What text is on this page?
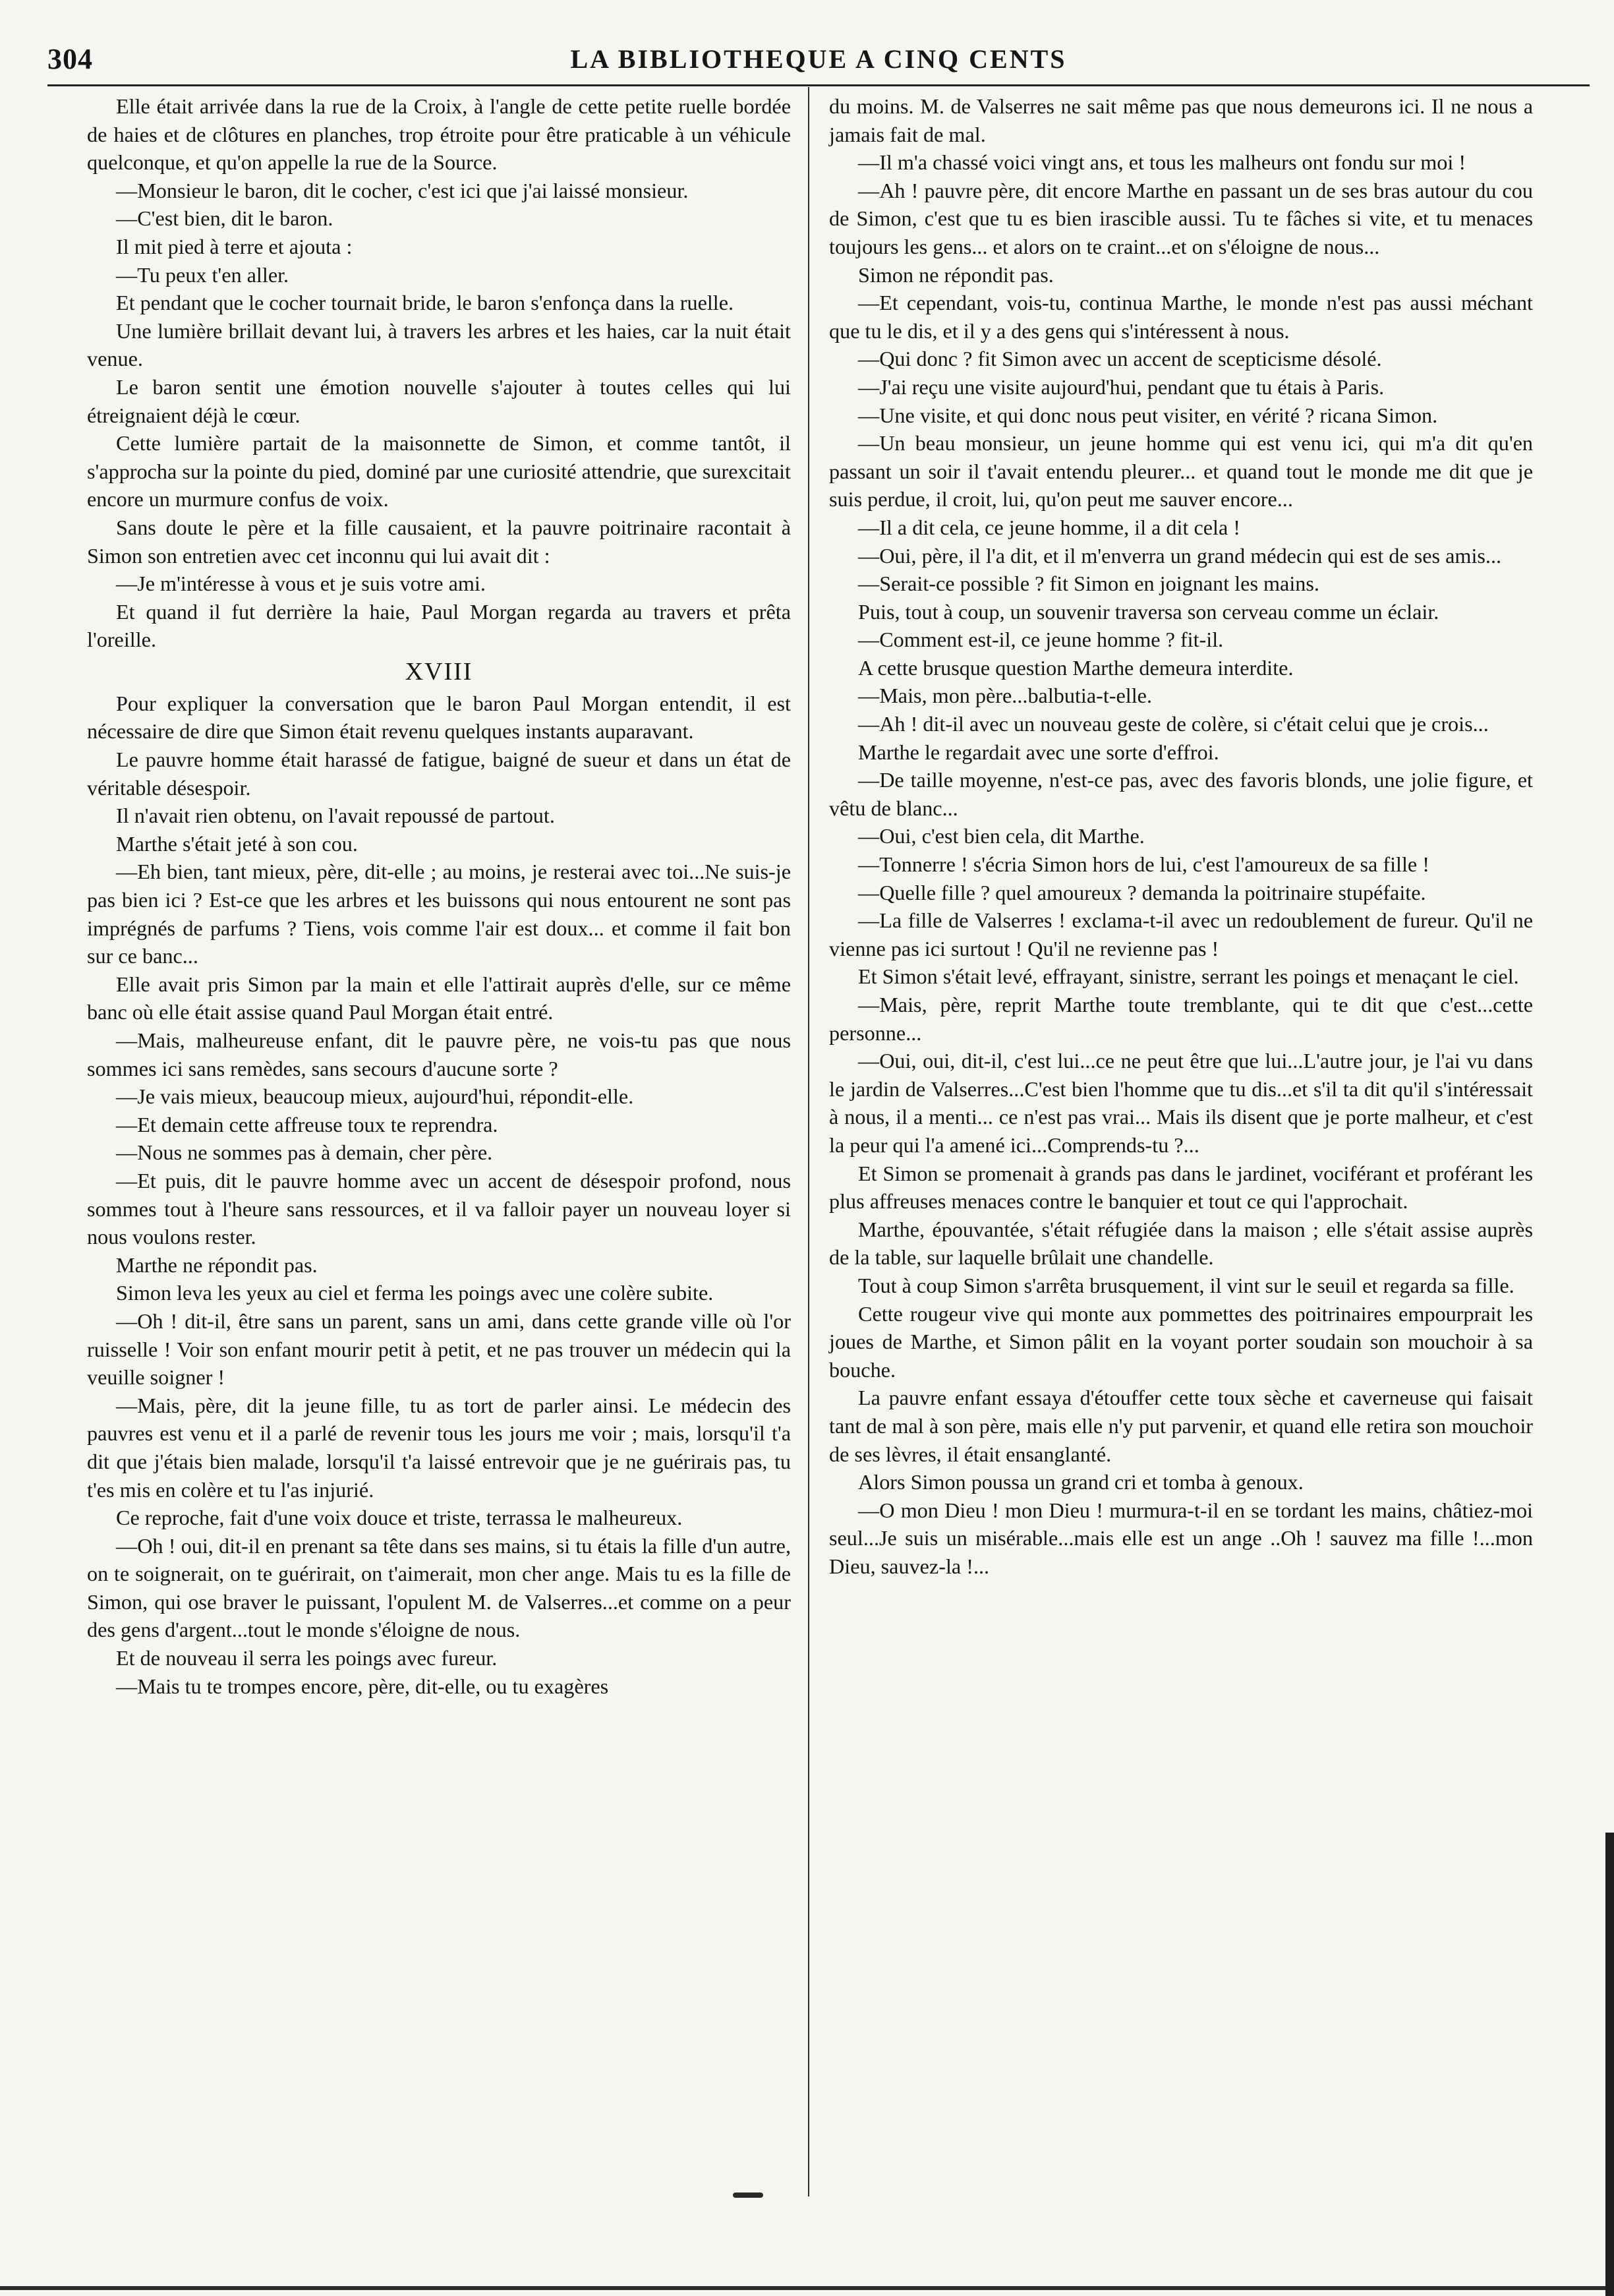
304	LA BIBLIOTHEQUE A CINQ CENTS

Elle était arrivée dans la rue de la Croix, à l'angle de cette petite ruelle bordée de haies et de clôtures en planches, trop étroite pour être praticable à un véhicule quelconque, et qu'on appelle la rue de la Source.

—Monsieur le baron, dit le cocher, c'est ici que j'ai laissé monsieur.

—C'est bien, dit le baron.

Il mit pied à terre et ajouta :

—Tu peux t'en aller.

Et pendant que le cocher tournait bride, le baron s'enfonça dans la ruelle.

Une lumière brillait devant lui, à travers les arbres et les haies, car la nuit était venue.

Le baron sentit une émotion nouvelle s'ajouter à toutes celles qui lui étreignaient déjà le cœur.

Cette lumière partait de la maisonnette de Simon, et comme tantôt, il s'approcha sur la pointe du pied, dominé par une curiosité attendrie, que surexcitait encore un murmure confus de voix.

Sans doute le père et la fille causaient, et la pauvre poitrinaire racontait à Simon son entretien avec cet inconnu qui lui avait dit :

—Je m'intéresse à vous et je suis votre ami.

Et quand il fut derrière la haie, Paul Morgan regarda au travers et prêta l'oreille.

XVIII

Pour expliquer la conversation que le baron Paul Morgan entendit, il est nécessaire de dire que Simon était revenu quelques instants auparavant.

Le pauvre homme était harassé de fatigue, baigné de sueur et dans un état de véritable désespoir.

Il n'avait rien obtenu, on l'avait repoussé de partout.

Marthe s'était jeté à son cou.

—Eh bien, tant mieux, père, dit-elle ; au moins, je resterai avec toi...Ne suis-je pas bien ici ? Est-ce que les arbres et les buissons qui nous entourent ne sont pas imprégnés de parfums ? Tiens, vois comme l'air est doux... et comme il fait bon sur ce banc...

Elle avait pris Simon par la main et elle l'attirait auprès d'elle, sur ce même banc où elle était assise quand Paul Morgan était entré.

—Mais, malheureuse enfant, dit le pauvre père, ne vois-tu pas que nous sommes ici sans remèdes, sans secours d'aucune sorte ?

—Je vais mieux, beaucoup mieux, aujourd'hui, répondit-elle.

—Et demain cette affreuse toux te reprendra.

—Nous ne sommes pas à demain, cher père.

—Et puis, dit le pauvre homme avec un accent de désespoir profond, nous sommes tout à l'heure sans ressources, et il va falloir payer un nouveau loyer si nous voulons rester.

Marthe ne répondit pas.

Simon leva les yeux au ciel et ferma les poings avec une colère subite.

—Oh ! dit-il, être sans un parent, sans un ami, dans cette grande ville où l'or ruisselle ! Voir son enfant mourir petit à petit, et ne pas trouver un médecin qui la veuille soigner !

—Mais, père, dit la jeune fille, tu as tort de parler ainsi. Le médecin des pauvres est venu et il a parlé de revenir tous les jours me voir ; mais, lorsqu'il t'a dit que j'étais bien malade, lorsqu'il t'a laissé entrevoir que je ne guérirais pas, tu t'es mis en colère et tu l'as injurié.

Ce reproche, fait d'une voix douce et triste, terrassa le malheureux.

—Oh ! oui, dit-il en prenant sa tête dans ses mains, si tu étais la fille d'un autre, on te soignerait, on te guérirait, on t'aimerait, mon cher ange. Mais tu es la fille de Simon, qui ose braver le puissant, l'opulent M. de Valserres...et comme on a peur des gens d'argent...tout le monde s'éloigne de nous.

Et de nouveau il serra les poings avec fureur.

—Mais tu te trompes encore, père, dit-elle, ou tu exagères

du moins. M. de Valserres ne sait même pas que nous demeurons ici. Il ne nous a jamais fait de mal.

—Il m'a chassé voici vingt ans, et tous les malheurs ont fondu sur moi !

—Ah ! pauvre père, dit encore Marthe en passant un de ses bras autour du cou de Simon, c'est que tu es bien irascible aussi. Tu te fâches si vite, et tu menaces toujours les gens... et alors on te craint...et on s'éloigne de nous...

Simon ne répondit pas.

—Et cependant, vois-tu, continua Marthe, le monde n'est pas aussi méchant que tu le dis, et il y a des gens qui s'intéressent à nous.

—Qui donc ? fit Simon avec un accent de scepticisme désolé.

—J'ai reçu une visite aujourd'hui, pendant que tu étais à Paris.

—Une visite, et qui donc nous peut visiter, en vérité ? ricana Simon.

—Un beau monsieur, un jeune homme qui est venu ici, qui m'a dit qu'en passant un soir il t'avait entendu pleurer... et quand tout le monde me dit que je suis perdue, il croit, lui, qu'on peut me sauver encore...

—Il a dit cela, ce jeune homme, il a dit cela !

—Oui, père, il l'a dit, et il m'enverra un grand médecin qui est de ses amis...

—Serait-ce possible ? fit Simon en joignant les mains.

Puis, tout à coup, un souvenir traversa son cerveau comme un éclair.

—Comment est-il, ce jeune homme ? fit-il.

A cette brusque question Marthe demeura interdite.

—Mais, mon père...balbutia-t-elle.

—Ah ! dit-il avec un nouveau geste de colère, si c'était celui que je crois...

Marthe le regardait avec une sorte d'effroi.

—De taille moyenne, n'est-ce pas, avec des favoris blonds, une jolie figure, et vêtu de blanc...

—Oui, c'est bien cela, dit Marthe.

—Tonnerre ! s'écria Simon hors de lui, c'est l'amoureux de sa fille !

—Quelle fille ? quel amoureux ? demanda la poitrinaire stupéfaite.

—La fille de Valserres ! exclama-t-il avec un redoublement de fureur. Qu'il ne vienne pas ici surtout ! Qu'il ne revienne pas !

Et Simon s'était levé, effrayant, sinistre, serrant les poings et menaçant le ciel.

—Mais, père, reprit Marthe toute tremblante, qui te dit que c'est...cette personne...

—Oui, oui, dit-il, c'est lui...ce ne peut être que lui...L'autre jour, je l'ai vu dans le jardin de Valserres...C'est bien l'homme que tu dis...et s'il ta dit qu'il s'intéressait à nous, il a menti... ce n'est pas vrai... Mais ils disent que je porte malheur, et c'est la peur qui l'a amené ici...Comprends-tu ?...

Et Simon se promenait à grands pas dans le jardinet, vociférant et proférant les plus affreuses menaces contre le banquier et tout ce qui l'approchait.

Marthe, épouvantée, s'était réfugiée dans la maison ; elle s'était assise auprès de la table, sur laquelle brûlait une chandelle.

Tout à coup Simon s'arrêta brusquement, il vint sur le seuil et regarda sa fille.

Cette rougeur vive qui monte aux pommettes des poitrinaires empourprait les joues de Marthe, et Simon pâlit en la voyant porter soudain son mouchoir à sa bouche.

La pauvre enfant essaya d'étouffer cette toux sèche et caverneuse qui faisait tant de mal à son père, mais elle n'y put parvenir, et quand elle retira son mouchoir de ses lèvres, il était ensanglanté.

Alors Simon poussa un grand cri et tomba à genoux.

—O mon Dieu ! mon Dieu ! murmura-t-il en se tordant les mains, châtiez-moi seul...Je suis un misérable...mais elle est un ange ..Oh ! sauvez ma fille !...mon Dieu, sauvez-la !...
